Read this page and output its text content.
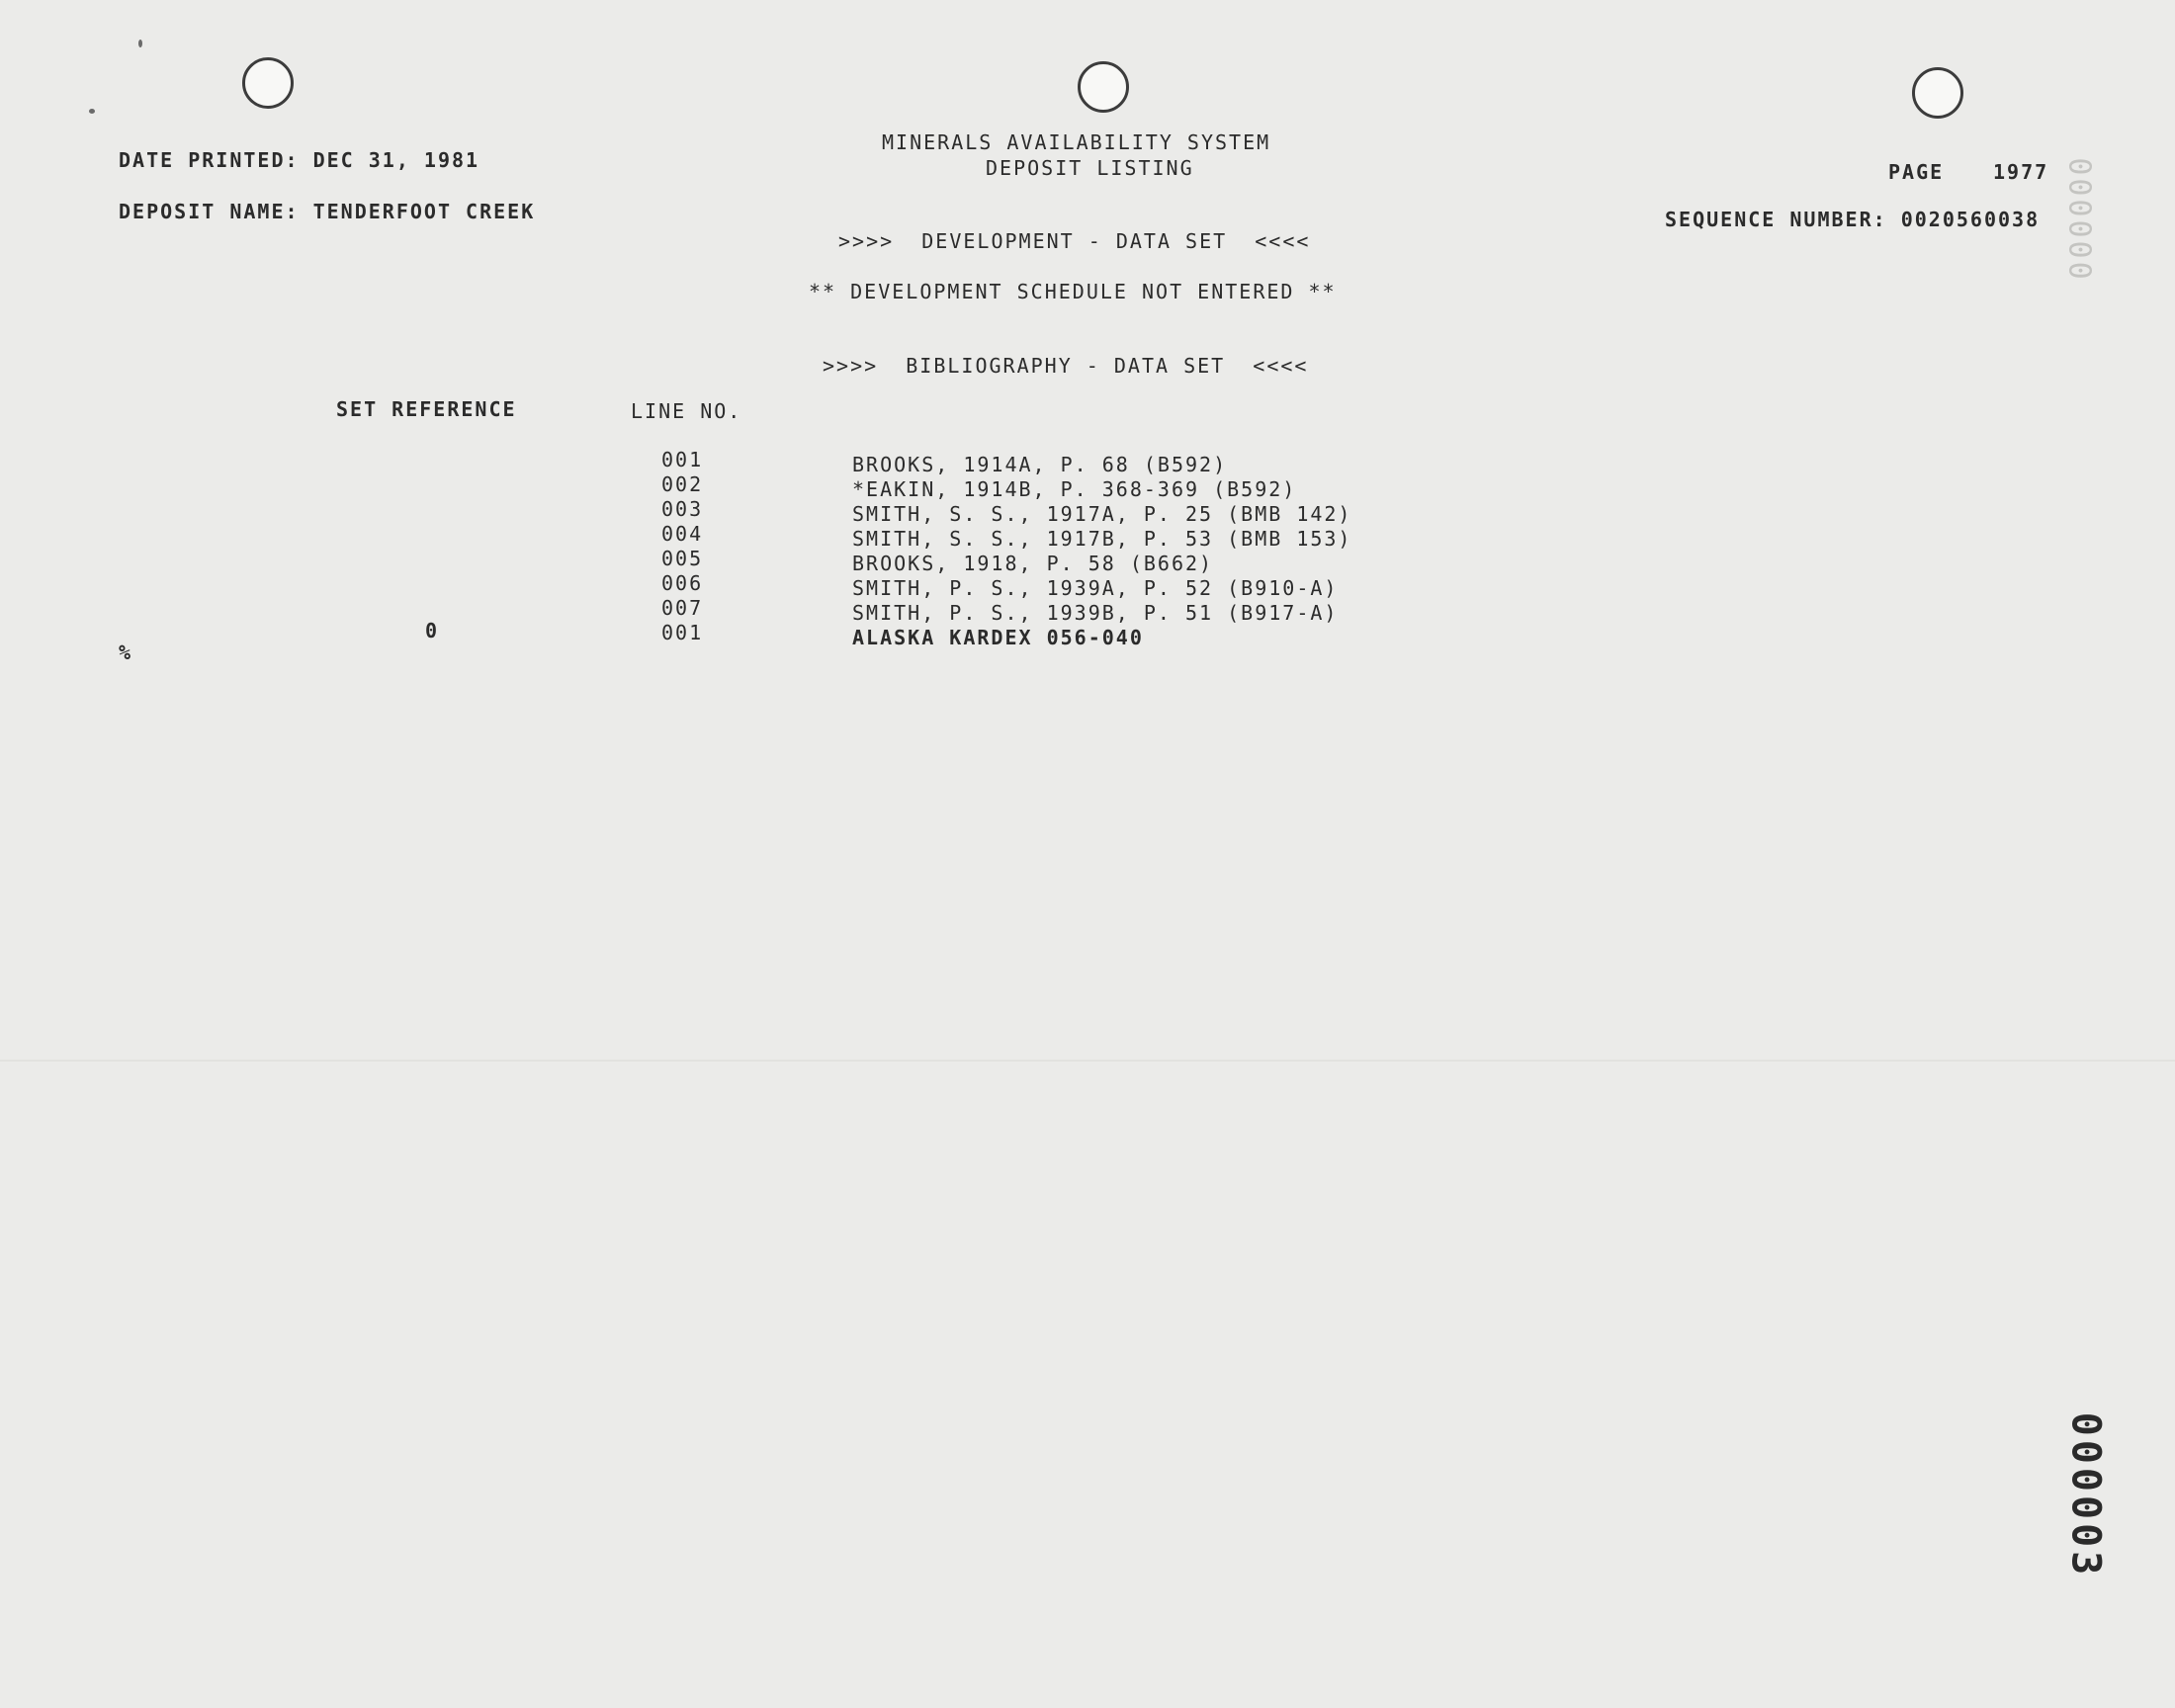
DATE PRINTED: DEC 31, 1981
DEPOSIT NAME: TENDERFOOT CREEK
MINERALS AVAILABILITY SYSTEM
DEPOSIT LISTING	PAGE 1977
SEQUENCE NUMBER: 0020560038 000000
>>>>  DEVELOPMENT - DATA SET  <<<<
** DEVELOPMENT SCHEDULE NOT ENTERED **
>>>>  BIBLIOGRAPHY - DATA SET  <<<<
SET REFERENCE	LINE NO.
001	BROOKS, 1914A, P. 68 (B592)
002	*EAKIN, 1914B, P. 368-369 (B592)
003	SMITH, S. S., 1917A, P. 25 (BMB 142)
004	SMITH, S. S., 1917B, P. 53 (BMB 153)
005	BROOKS, 1918, P. 58 (B662)
006	SMITH, P. S., 1939A, P. 52 (B910-A)
007	SMITH, P. S., 1939B, P. 51 (B917-A)
0	001	ALASKA KARDEX 056-040
%
000003
